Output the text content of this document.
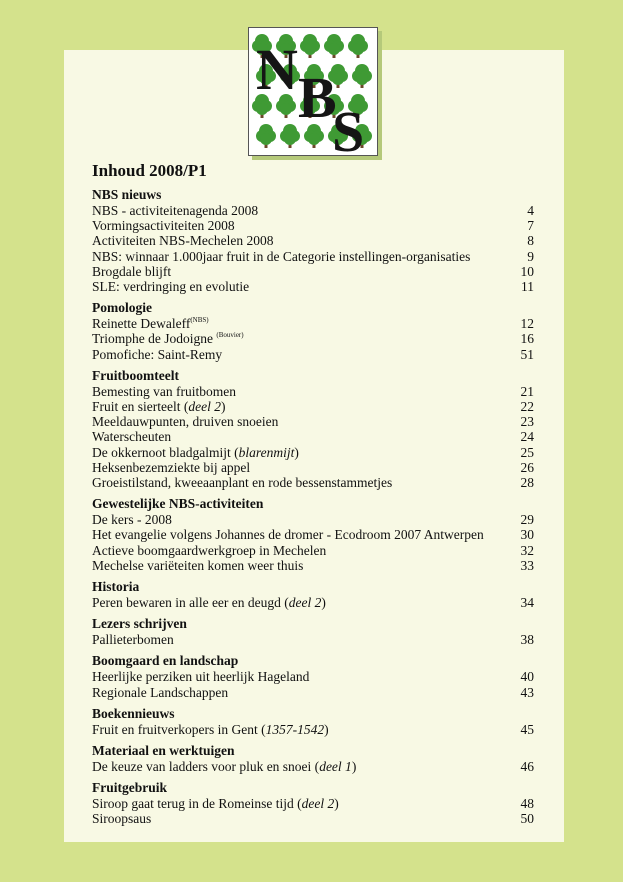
N B
S
Inhoud 2008/P1
NBS nieuws
NBS - activiteitenagenda 2008	4
Vormingsactiviteiten 2008	7
Activiteiten NBS-Mechelen 2008	8
NBS: winnaar 1.000jaar fruit in de Categorie instellingen-organisaties	9
Brogdale blijft	10
SLE: verdringing en evolutie	11
Pomologie
Reinette Dewaleff$^{(NBS)}$	12
Triomphe de Jodoigne $^{(Bouvier)}$	16
Pomofiche: Saint-Remy	51
Fruitboomteelt
Bemesting van fruitbomen	21
Fruit en sierteelt (deel 2)	22
Meeldauwpunten, druiven snoeien	23
Waterscheuten	24
De okkernoot bladgalmijt (blarenmijt)	25
Heksenbezemziekte bij appel	26
Groeistilstand, kweeaanplant en rode bessenstammetjes	28
Gewestelijke NBS-activiteiten
De kers - 2008	29
Het evangelie volgens Johannes de dromer - Ecodroom 2007 Antwerpen	30
Actieve boomgaardwerkgroep in Mechelen	32
Mechelse variëteiten komen weer thuis	33
Historia
Peren bewaren in alle eer en deugd (deel 2)	34
Lezers schrijven
Pallieterbomen	38
Boomgaard en landschap
Heerlijke perziken uit heerlijk Hageland	40
Regionale Landschappen	43
Boekennieuws
Fruit en fruitverkopers in Gent (1357-1542)	45
Materiaal en werktuigen
De keuze van ladders voor pluk en snoei (deel 1)	46
Fruitgebruik
Siroop gaat terug in de Romeinse tijd (deel 2)	48
Siroopsaus	50
